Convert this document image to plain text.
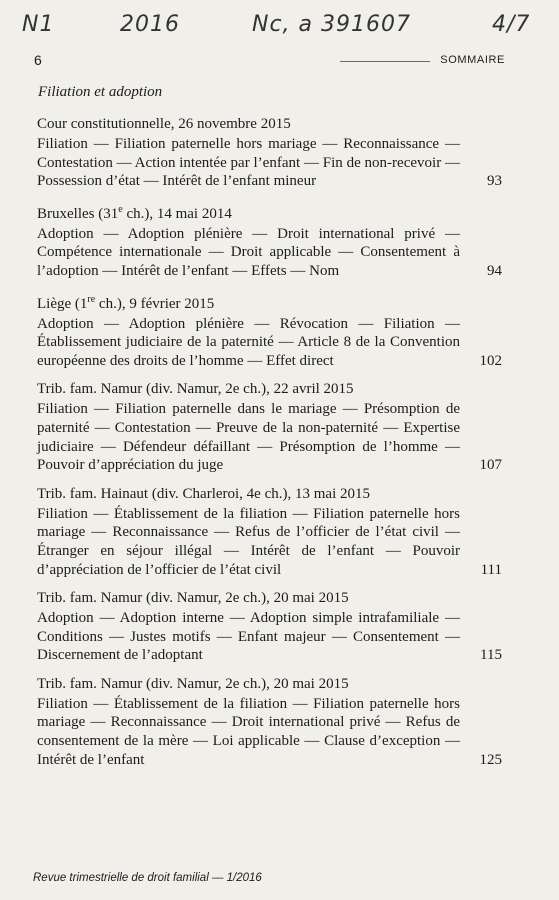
N1	2016	Nc, a 391607	4/7
6	SOMMAIRE
Filiation et adoption
Cour constitutionnelle, 26 novembre 2015
Filiation — Filiation paternelle hors mariage — Reconnaissance — Contestation — Action intentée par l’enfant — Fin de non-recevoir — Possession d’état — Intérêt de l’enfant mineur	93
Bruxelles (31e ch.), 14 mai 2014
Adoption — Adoption plénière — Droit international privé — Compétence internationale — Droit applicable — Consentement à l’adoption — Intérêt de l’enfant — Effets — Nom	94
Liège (1re ch.), 9 février 2015
Adoption — Adoption plénière — Révocation — Filiation — Établissement judiciaire de la paternité — Article 8 de la Convention européenne des droits de l’homme — Effet direct	102
Trib. fam. Namur (div. Namur, 2e ch.), 22 avril 2015
Filiation — Filiation paternelle dans le mariage — Présomption de paternité — Contestation — Preuve de la non-paternité — Expertise judiciaire — Défendeur défaillant — Présomption de l’homme — Pouvoir d’appréciation du juge	107
Trib. fam. Hainaut (div. Charleroi, 4e ch.), 13 mai 2015
Filiation — Établissement de la filiation — Filiation paternelle hors mariage — Reconnaissance — Refus de l’officier de l’état civil — Étranger en séjour illégal — Intérêt de l’enfant — Pouvoir d’appréciation de l’officier de l’état civil	111
Trib. fam. Namur (div. Namur, 2e ch.), 20 mai 2015
Adoption — Adoption interne — Adoption simple intrafamiliale — Conditions — Justes motifs — Enfant majeur — Consentement — Discernement de l’adoptant	115
Trib. fam. Namur (div. Namur, 2e ch.), 20 mai 2015
Filiation — Établissement de la filiation — Filiation paternelle hors mariage — Reconnaissance — Droit international privé — Refus de consentement de la mère — Loi applicable — Clause d’exception — Intérêt de l’enfant	125
Revue trimestrielle de droit familial — 1/2016
